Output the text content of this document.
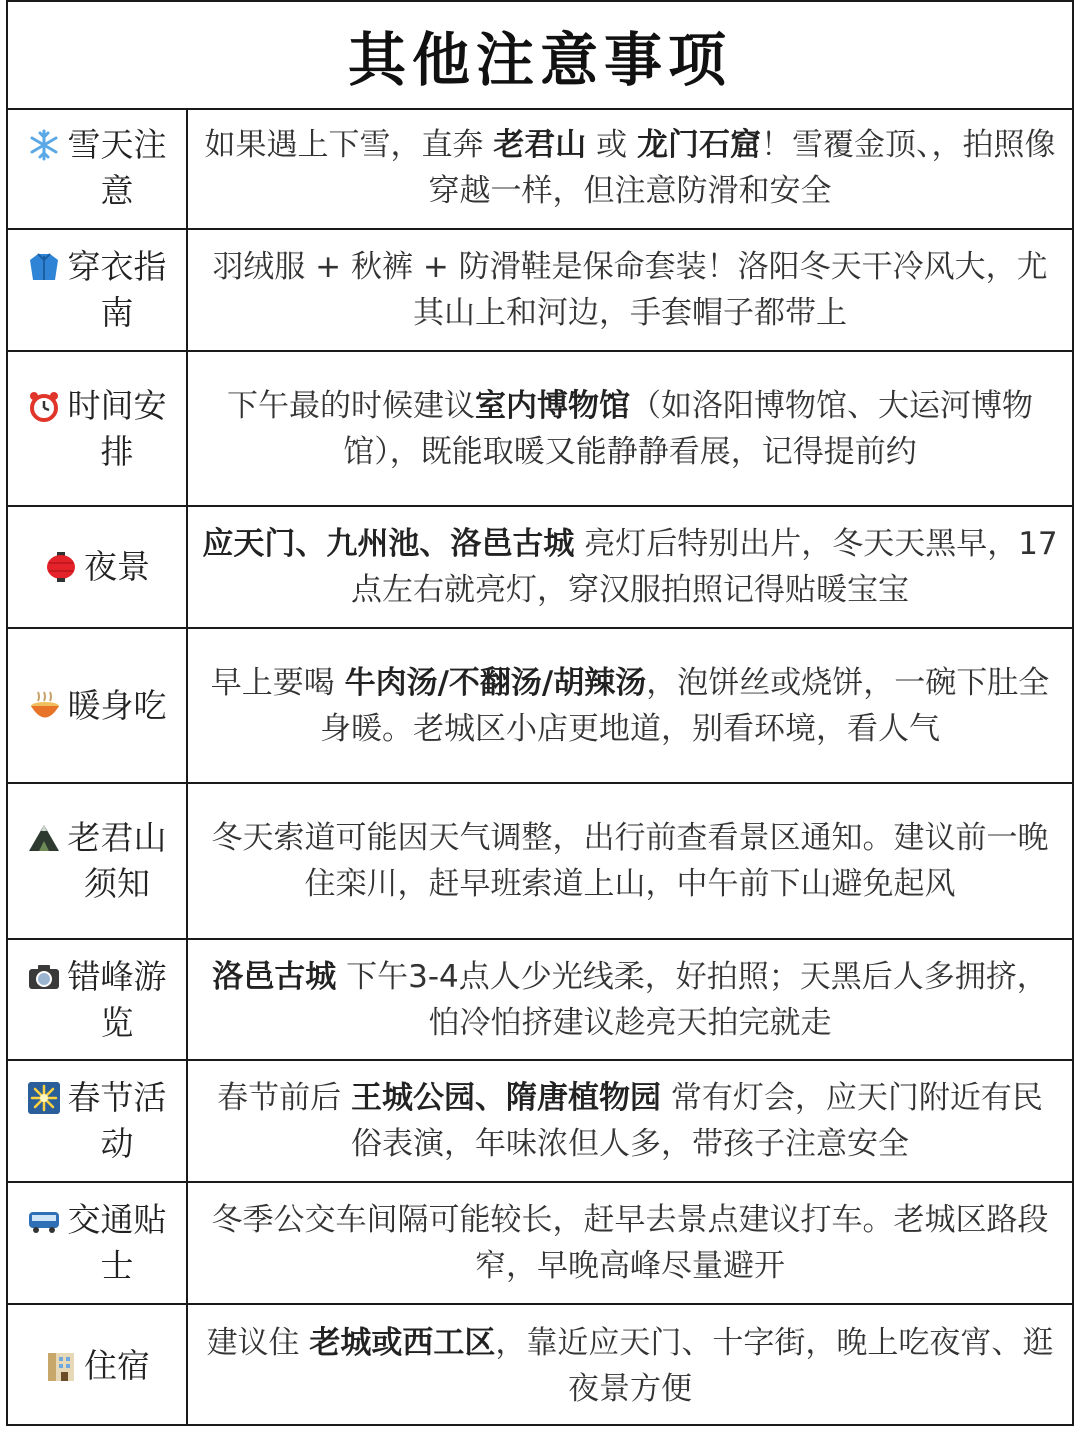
其他注意事项
雪天注意
如果遇上下雪，直奔 老君山 或 龙门石窟！雪覆金顶、，拍照像穿越一样，但注意防滑和安全
穿衣指南
羽绒服 + 秋裤 + 防滑鞋是保命套装！洛阳冬天干冷风大，尤其山上和河边，手套帽子都带上
时间安排
下午最的时候建议室内博物馆（如洛阳博物馆、大运河博物馆），既能取暖又能静静看展，记得提前约
夜景
应天门、九州池、洛邑古城 亮灯后特别出片，冬天天黑早，17点左右就亮灯，穿汉服拍照记得贴暖宝宝
暖身吃
早上要喝 牛肉汤/不翻汤/胡辣汤，泡饼丝或烧饼，一碗下肚全身暖。老城区小店更地道，别看环境，看人气
老君山须知
冬天索道可能因天气调整，出行前查看景区通知。建议前一晚住栾川，赶早班索道上山，中午前下山避免起风
错峰游览
洛邑古城 下午3-4点人少光线柔，好拍照；天黑后人多拥挤，怕冷怕挤建议趁亮天拍完就走
春节活动
春节前后 王城公园、隋唐植物园 常有灯会，应天门附近有民俗表演，年味浓但人多，带孩子注意安全
交通贴士
冬季公交车间隔可能较长，赶早去景点建议打车。老城区路段窄，早晚高峰尽量避开
住宿
建议住 老城或西工区，靠近应天门、十字街，晚上吃夜宵、逛夜景方便
